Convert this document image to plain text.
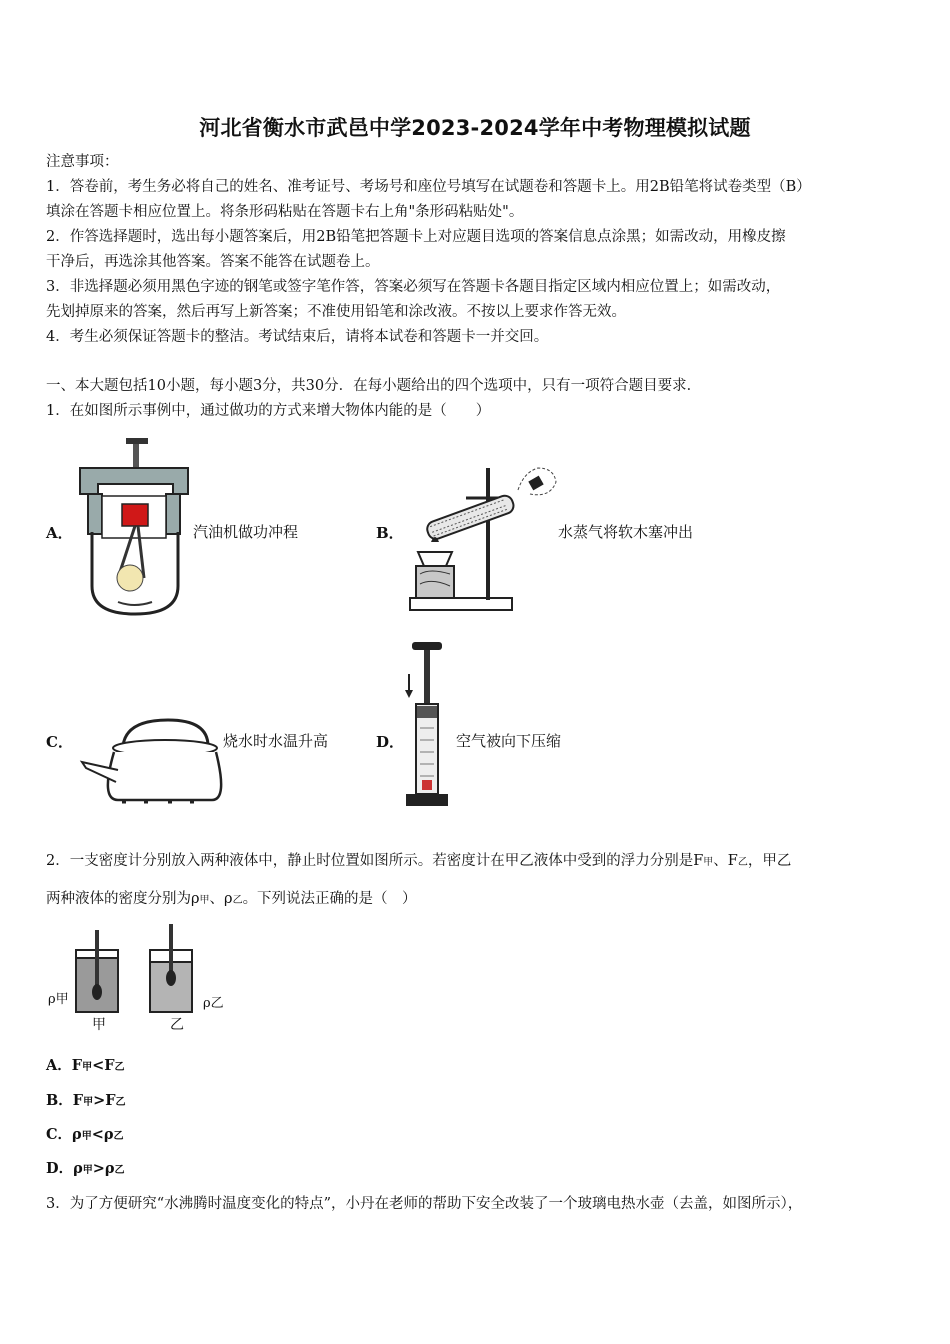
河北省衡水市武邑中学2023-2024学年中考物理模拟试题
注意事项：
1．答卷前，考生务必将自己的姓名、准考证号、考场号和座位号填写在试题卷和答题卡上。用2B铅笔将试卷类型（B）
填涂在答题卡相应位置上。将条形码粘贴在答题卡右上角"条形码粘贴处"。
2．作答选择题时，选出每小题答案后，用2B铅笔把答题卡上对应题目选项的答案信息点涂黑；如需改动，用橡皮擦
干净后，再选涂其他答案。答案不能答在试题卷上。
3．非选择题必须用黑色字迹的钢笔或签字笔作答，答案必须写在答题卡各题目指定区域内相应位置上；如需改动，
先划掉原来的答案，然后再写上新答案；不准使用铅笔和涂改液。不按以上要求作答无效。
4．考生必须保证答题卡的整洁。考试结束后，请将本试卷和答题卡一并交回。
一、本大题包括10小题，每小题3分，共30分．在每小题给出的四个选项中，只有一项符合题目要求．
1．在如图所示事例中，通过做功的方式来增大物体内能的是（　　）
A．	汽油机做功冲程	B．	水蒸气将软木塞冲出
C．	烧水时水温升高	D．	空气被向下压缩
2．一支密度计分别放入两种液体中，静止时位置如图所示。若密度计在甲乙液体中受到的浮力分别是F甲、F乙，甲乙
两种液体的密度分别为ρ甲、ρ乙。下列说法正确的是（　）
ρ甲	ρ乙
甲	乙
A．F甲<F乙
B．F甲>F乙
C．ρ甲<ρ乙
D．ρ甲>ρ乙
3．为了方便研究“水沸腾时温度变化的特点”，小丹在老师的帮助下安全改装了一个玻璃电热水壶（去盖，如图所示），
